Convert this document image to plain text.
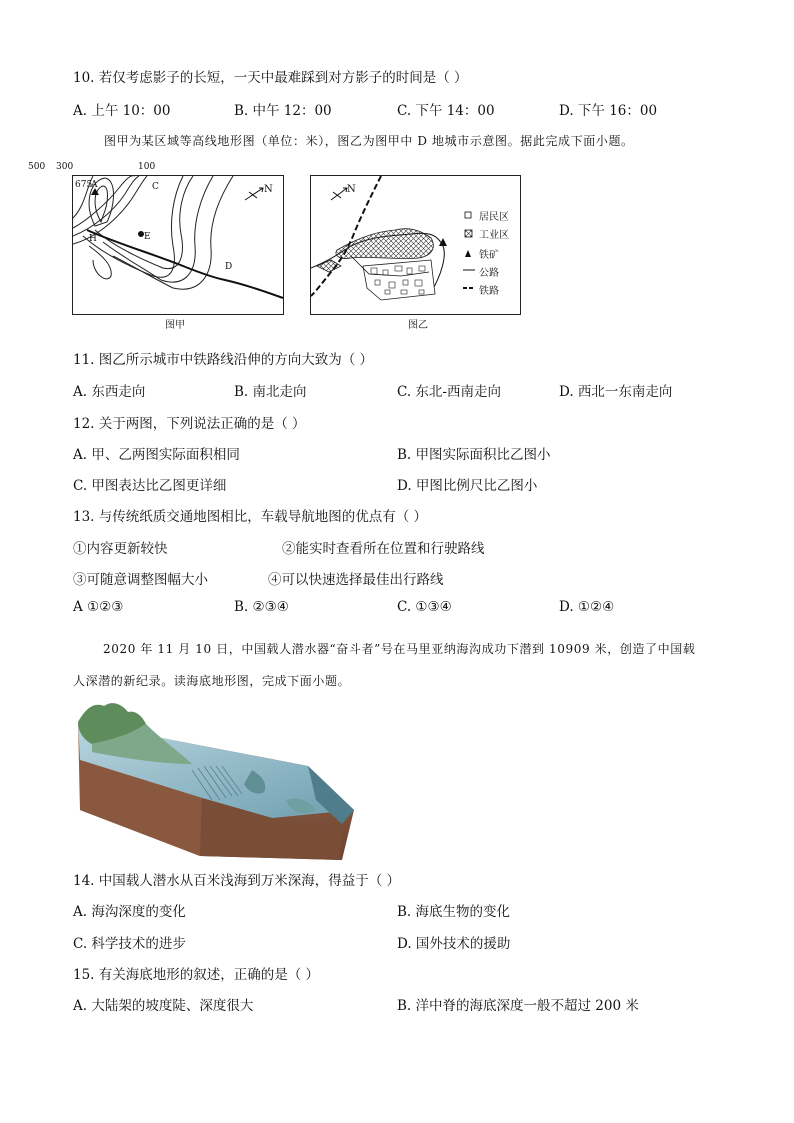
10. 若仅考虑影子的长短，一天中最难踩到对方影子的时间是（ ）
A. 上午 10：00	B. 中午 12：00	C. 下午 14：00	D. 下午 16：00
图甲为某区域等高线地形图（单位：米），图乙为图甲中 D 地城市示意图。据此完成下面小题。
675
A	C
E
H
D
N
500 300	100
图甲
N
居民区
工业区
铁矿
公路
铁路
图乙
11. 图乙所示城市中铁路线沿伸的方向大致为（ ）
A. 东西走向	B. 南北走向	C. 东北-西南走向	D. 西北一东南走向
12. 关于两图，下列说法正确的是（ ）
A. 甲、乙两图实际面积相同	B. 甲图实际面积比乙图小
C. 甲图表达比乙图更详细	D. 甲图比例尺比乙图小
13. 与传统纸质交通地图相比，车载导航地图的优点有（ ）
①内容更新较快	②能实时查看所在位置和行驶路线
③可随意调整图幅大小	④可以快速选择最佳出行路线
A ①②③	B. ②③④	C. ①③④	D. ①②④
2020 年 11 月 10 日，中国载人潜水器“奋斗者”号在马里亚纳海沟成功下潜到 10909 米，创造了中国载
人深潜的新纪录。读海底地形图，完成下面小题。
14. 中国载人潜水从百米浅海到万米深海，得益于（ ）
A. 海沟深度的变化	B. 海底生物的变化
C. 科学技术的进步	D. 国外技术的援助
15. 有关海底地形的叙述，正确的是（ ）
A. 大陆架的坡度陡、深度很大	B. 洋中脊的海底深度一般不超过 200 米
